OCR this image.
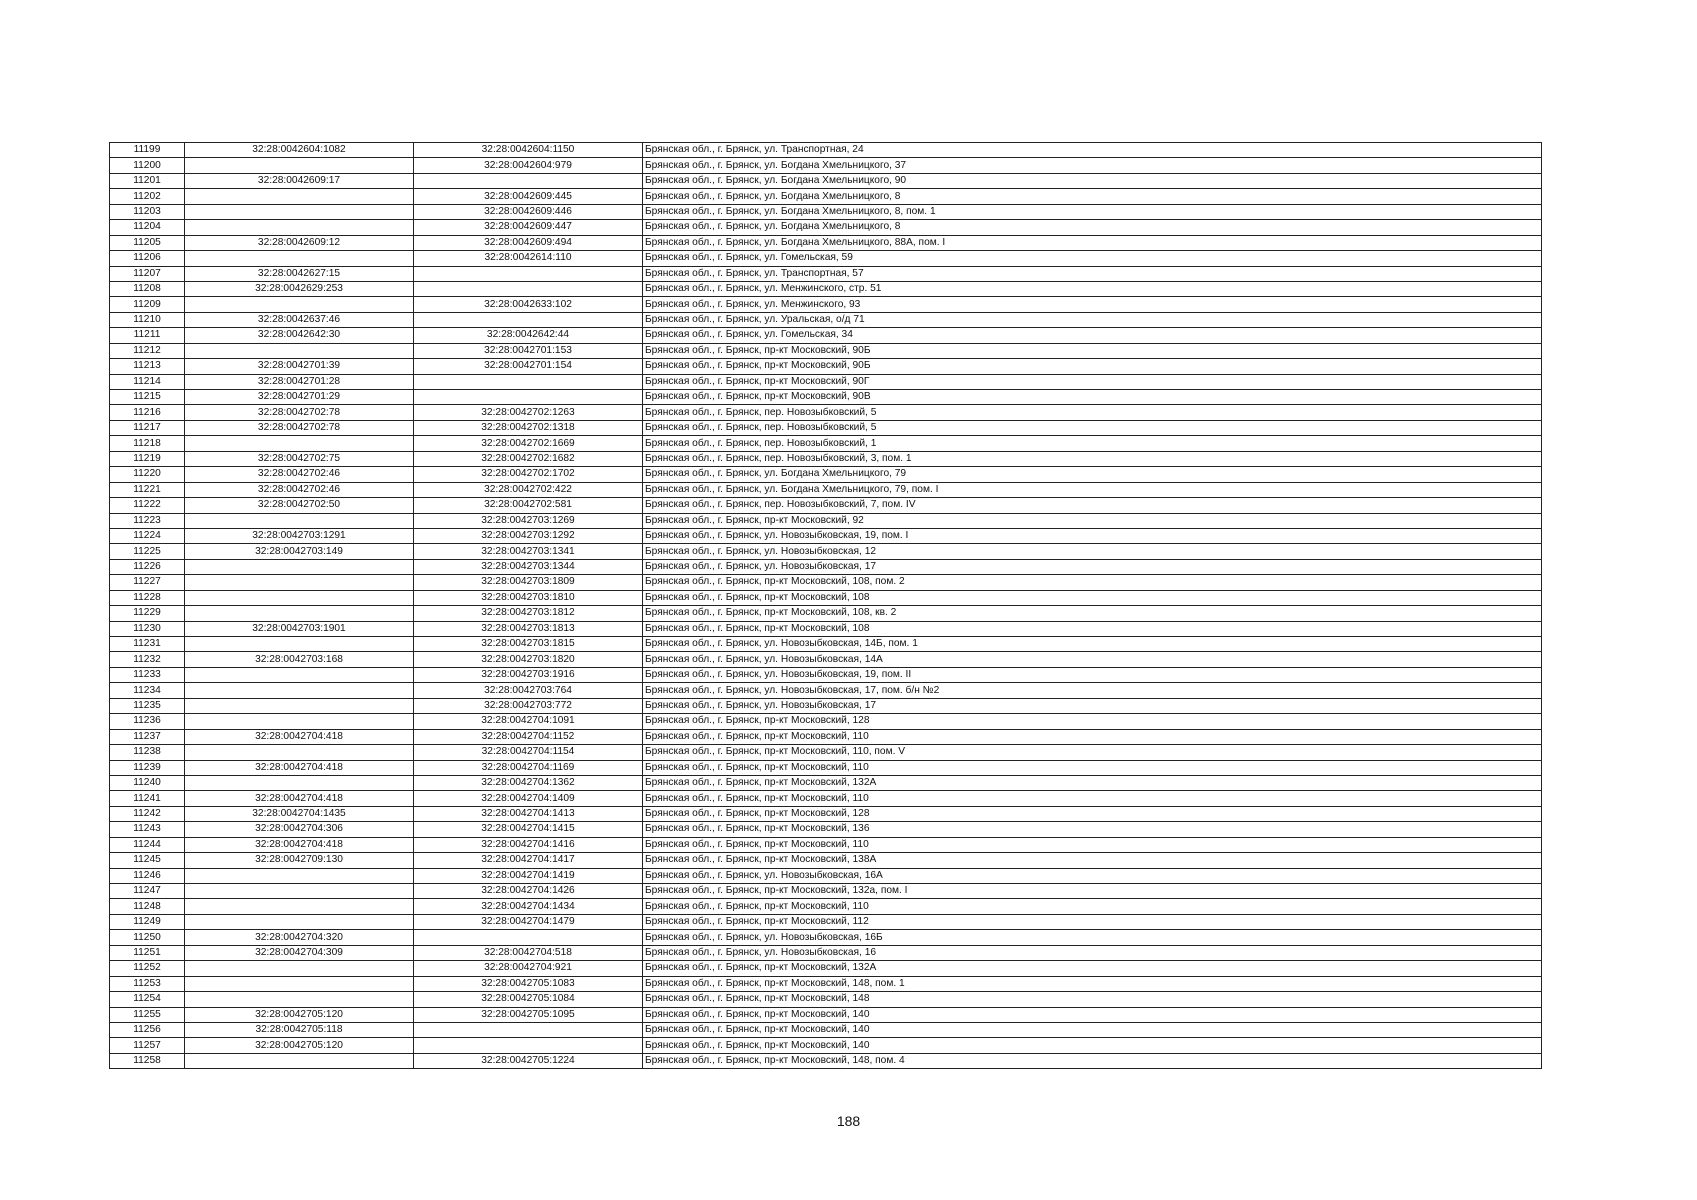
11199	32:28:0042604:1082	32:28:0042604:1150	Брянская обл., г. Брянск, ул. Транспортная, 24
11200		32:28:0042604:979	Брянская обл., г. Брянск, ул. Богдана Хмельницкого, 37
11201	32:28:0042609:17		Брянская обл., г. Брянск, ул. Богдана Хмельницкого, 90
11202		32:28:0042609:445	Брянская обл., г. Брянск, ул. Богдана Хмельницкого, 8
11203		32:28:0042609:446	Брянская обл., г. Брянск, ул. Богдана Хмельницкого, 8, пом. 1
11204		32:28:0042609:447	Брянская обл., г. Брянск, ул. Богдана Хмельницкого, 8
11205	32:28:0042609:12	32:28:0042609:494	Брянская обл., г. Брянск, ул. Богдана Хмельницкого, 88А, пом. I
11206		32:28:0042614:110	Брянская обл., г. Брянск, ул. Гомельская, 59
11207	32:28:0042627:15		Брянская обл., г. Брянск, ул. Транспортная, 57
11208	32:28:0042629:253		Брянская обл., г. Брянск, ул. Менжинского, стр. 51
11209		32:28:0042633:102	Брянская обл., г. Брянск, ул. Менжинского, 93
11210	32:28:0042637:46		Брянская обл., г. Брянск, ул. Уральская, о/д 71
11211	32:28:0042642:30	32:28:0042642:44	Брянская обл., г. Брянск, ул. Гомельская, 34
11212		32:28:0042701:153	Брянская обл., г. Брянск, пр-кт Московский, 90Б
11213	32:28:0042701:39	32:28:0042701:154	Брянская обл., г. Брянск, пр-кт Московский, 90Б
11214	32:28:0042701:28		Брянская обл., г. Брянск, пр-кт Московский, 90Г
11215	32:28:0042701:29		Брянская обл., г. Брянск, пр-кт Московский, 90В
11216	32:28:0042702:78	32:28:0042702:1263	Брянская обл., г. Брянск, пер. Новозыбковский, 5
11217	32:28:0042702:78	32:28:0042702:1318	Брянская обл., г. Брянск, пер. Новозыбковский, 5
11218		32:28:0042702:1669	Брянская обл., г. Брянск, пер. Новозыбковский, 1
11219	32:28:0042702:75	32:28:0042702:1682	Брянская обл., г. Брянск, пер. Новозыбковский, 3, пом. 1
11220	32:28:0042702:46	32:28:0042702:1702	Брянская обл., г. Брянск, ул. Богдана Хмельницкого, 79
11221	32:28:0042702:46	32:28:0042702:422	Брянская обл., г. Брянск, ул. Богдана Хмельницкого, 79, пом. I
11222	32:28:0042702:50	32:28:0042702:581	Брянская обл., г. Брянск, пер. Новозыбковский, 7, пом. IV
11223		32:28:0042703:1269	Брянская обл., г. Брянск, пр-кт Московский, 92
11224	32:28:0042703:1291	32:28:0042703:1292	Брянская обл., г. Брянск, ул. Новозыбковская, 19, пом. I
11225	32:28:0042703:149	32:28:0042703:1341	Брянская обл., г. Брянск, ул. Новозыбковская, 12
11226		32:28:0042703:1344	Брянская обл., г. Брянск, ул. Новозыбковская, 17
11227		32:28:0042703:1809	Брянская обл., г. Брянск, пр-кт Московский, 108, пом. 2
11228		32:28:0042703:1810	Брянская обл., г. Брянск, пр-кт Московский, 108
11229		32:28:0042703:1812	Брянская обл., г. Брянск, пр-кт Московский, 108, кв. 2
11230	32:28:0042703:1901	32:28:0042703:1813	Брянская обл., г. Брянск, пр-кт Московский, 108
11231		32:28:0042703:1815	Брянская обл., г. Брянск, ул. Новозыбковская, 14Б, пом. 1
11232	32:28:0042703:168	32:28:0042703:1820	Брянская обл., г. Брянск, ул. Новозыбковская, 14А
11233		32:28:0042703:1916	Брянская обл., г. Брянск, ул. Новозыбковская, 19, пом. II
11234		32:28:0042703:764	Брянская обл., г. Брянск, ул. Новозыбковская, 17, пом. б/н №2
11235		32:28:0042703:772	Брянская обл., г. Брянск, ул. Новозыбковская, 17
11236		32:28:0042704:1091	Брянская обл., г. Брянск, пр-кт Московский, 128
11237	32:28:0042704:418	32:28:0042704:1152	Брянская обл., г. Брянск, пр-кт Московский, 110
11238		32:28:0042704:1154	Брянская обл., г. Брянск, пр-кт Московский, 110, пом. V
11239	32:28:0042704:418	32:28:0042704:1169	Брянская обл., г. Брянск, пр-кт Московский, 110
11240		32:28:0042704:1362	Брянская обл., г. Брянск, пр-кт Московский, 132А
11241	32:28:0042704:418	32:28:0042704:1409	Брянская обл., г. Брянск, пр-кт Московский, 110
11242	32:28:0042704:1435	32:28:0042704:1413	Брянская обл., г. Брянск, пр-кт Московский, 128
11243	32:28:0042704:306	32:28:0042704:1415	Брянская обл., г. Брянск, пр-кт Московский, 136
11244	32:28:0042704:418	32:28:0042704:1416	Брянская обл., г. Брянск, пр-кт Московский, 110
11245	32:28:0042709:130	32:28:0042704:1417	Брянская обл., г. Брянск, пр-кт Московский, 138А
11246		32:28:0042704:1419	Брянская обл., г. Брянск, ул. Новозыбковская, 16А
11247		32:28:0042704:1426	Брянская обл., г. Брянск, пр-кт Московский, 132а, пом. I
11248		32:28:0042704:1434	Брянская обл., г. Брянск, пр-кт Московский, 110
11249		32:28:0042704:1479	Брянская обл., г. Брянск, пр-кт Московский, 112
11250	32:28:0042704:320		Брянская обл., г. Брянск, ул. Новозыбковская, 16Б
11251	32:28:0042704:309	32:28:0042704:518	Брянская обл., г. Брянск, ул. Новозыбковская, 16
11252		32:28:0042704:921	Брянская обл., г. Брянск, пр-кт Московский, 132А
11253		32:28:0042705:1083	Брянская обл., г. Брянск, пр-кт Московский, 148, пом. 1
11254		32:28:0042705:1084	Брянская обл., г. Брянск, пр-кт Московский, 148
11255	32:28:0042705:120	32:28:0042705:1095	Брянская обл., г. Брянск, пр-кт Московский, 140
11256	32:28:0042705:118		Брянская обл., г. Брянск, пр-кт Московский, 140
11257	32:28:0042705:120		Брянская обл., г. Брянск, пр-кт Московский, 140
11258		32:28:0042705:1224	Брянская обл., г. Брянск, пр-кт Московский, 148, пом. 4
188
